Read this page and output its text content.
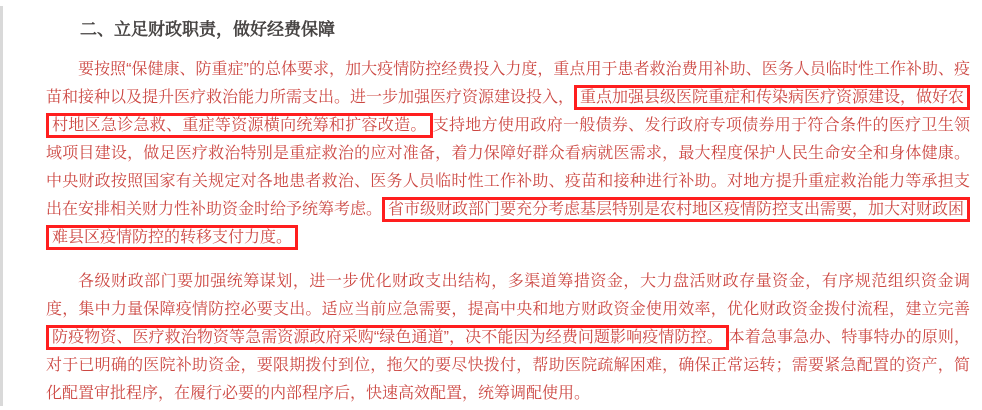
二、立足财政职责，做好经费保障

要按照“保健康、防重症”的总体要求，加大疫情防控经费投入力度，重点用于患者救治费用补助、医务人员临时性工作补助、疫苗和接种以及提升医疗救治能力所需支出。进一步加强医疗资源建设投入， 重点加强县级医院重症和传染病医疗资源建设，做好农村地区急诊急救、重症等资源横向统筹和扩容改造。 支持地方使用政府一般债券、发行政府专项债券用于符合条件的医疗卫生领域项目建设，做足医疗救治特别是重症救治的应对准备，着力保障好群众看病就医需求，最大程度保护人民生命安全和身体健康。中央财政按照国家有关规定对各地患者救治、医务人员临时性工作补助、疫苗和接种进行补助。对地方提升重症救治能力等承担支出在安排相关财力性补助资金时给予统筹考虑。 省市级财政部门要充分考虑基层特别是农村地区疫情防控支出需要，加大对财政困难县区疫情防控的转移支付力度。

各级财政部门要加强统筹谋划，进一步优化财政支出结构，多渠道筹措资金，大力盘活财政存量资金，有序规范组织资金调度，集中力量保障疫情防控必要支出。适应当前应急需要，提高中央和地方财政资金使用效率，优化财政资金拨付流程，建立完善防疫物资、医疗救治物资等急需资源政府采购“绿色通道”，决不能因为经费问题影响疫情防控。 本着急事急办、特事特办的原则，对于已明确的医院补助资金，要限期拨付到位，拖欠的要尽快拨付，帮助医院疏解困难，确保正常运转；需要紧急配置的资产，简化配置审批程序，在履行必要的内部程序后，快速高效配置，统筹调配使用。
